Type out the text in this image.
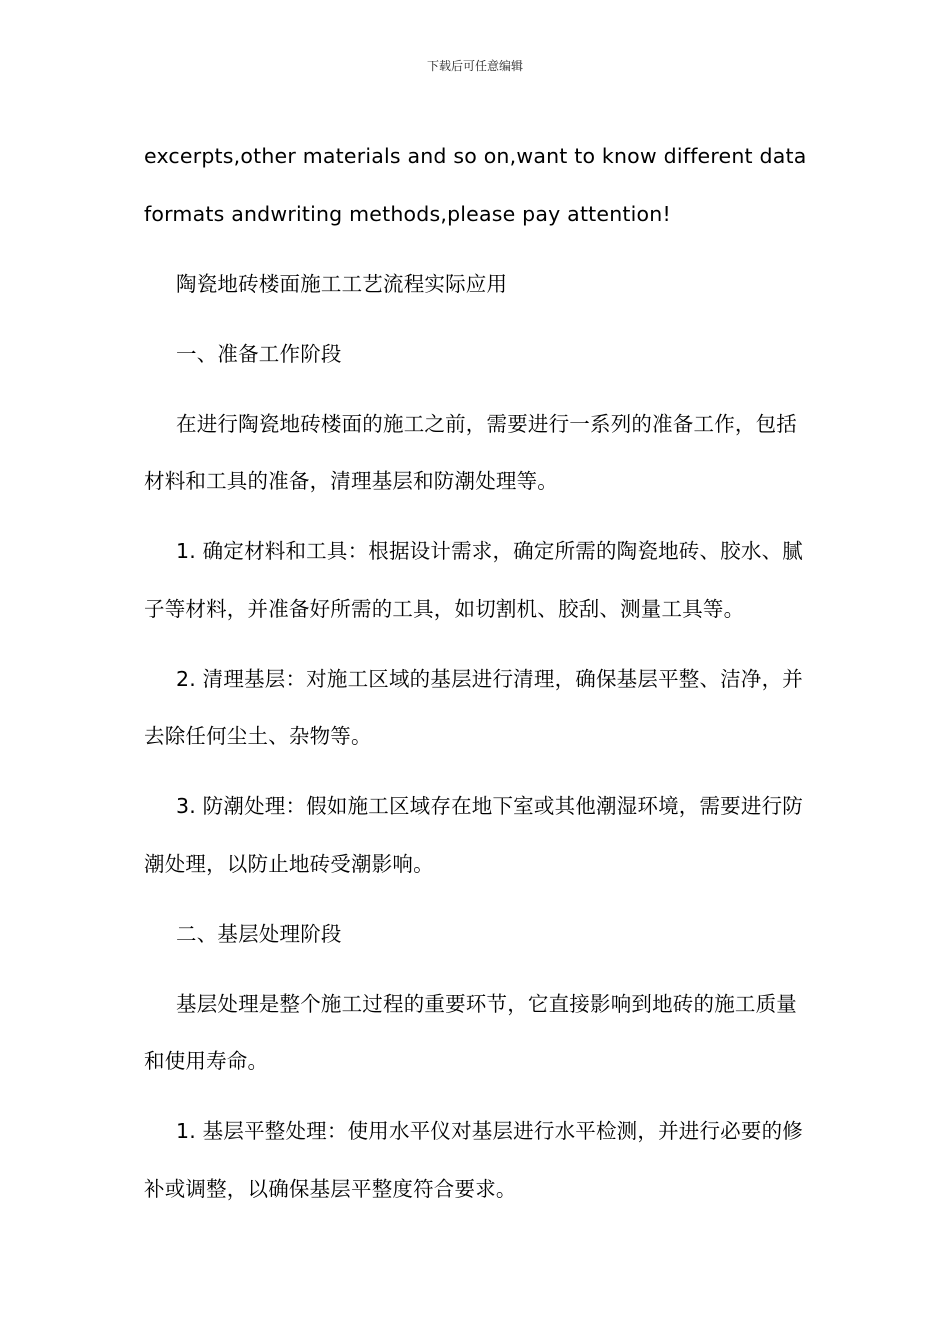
下载后可任意编辑

excerpts,other materials and so on,want to know different data

formats andwriting methods,please pay attention!

陶瓷地砖楼面施工工艺流程实际应用

一、准备工作阶段

在进行陶瓷地砖楼面的施工之前，需要进行一系列的准备工作，包括

材料和工具的准备，清理基层和防潮处理等。

1. 确定材料和工具：根据设计需求，确定所需的陶瓷地砖、胶水、腻

子等材料，并准备好所需的工具，如切割机、胶刮、测量工具等。

2. 清理基层：对施工区域的基层进行清理，确保基层平整、洁净，并

去除任何尘土、杂物等。

3. 防潮处理：假如施工区域存在地下室或其他潮湿环境，需要进行防

潮处理，以防止地砖受潮影响。

二、基层处理阶段

基层处理是整个施工过程的重要环节，它直接影响到地砖的施工质量

和使用寿命。

1. 基层平整处理：使用水平仪对基层进行水平检测，并进行必要的修

补或调整，以确保基层平整度符合要求。
